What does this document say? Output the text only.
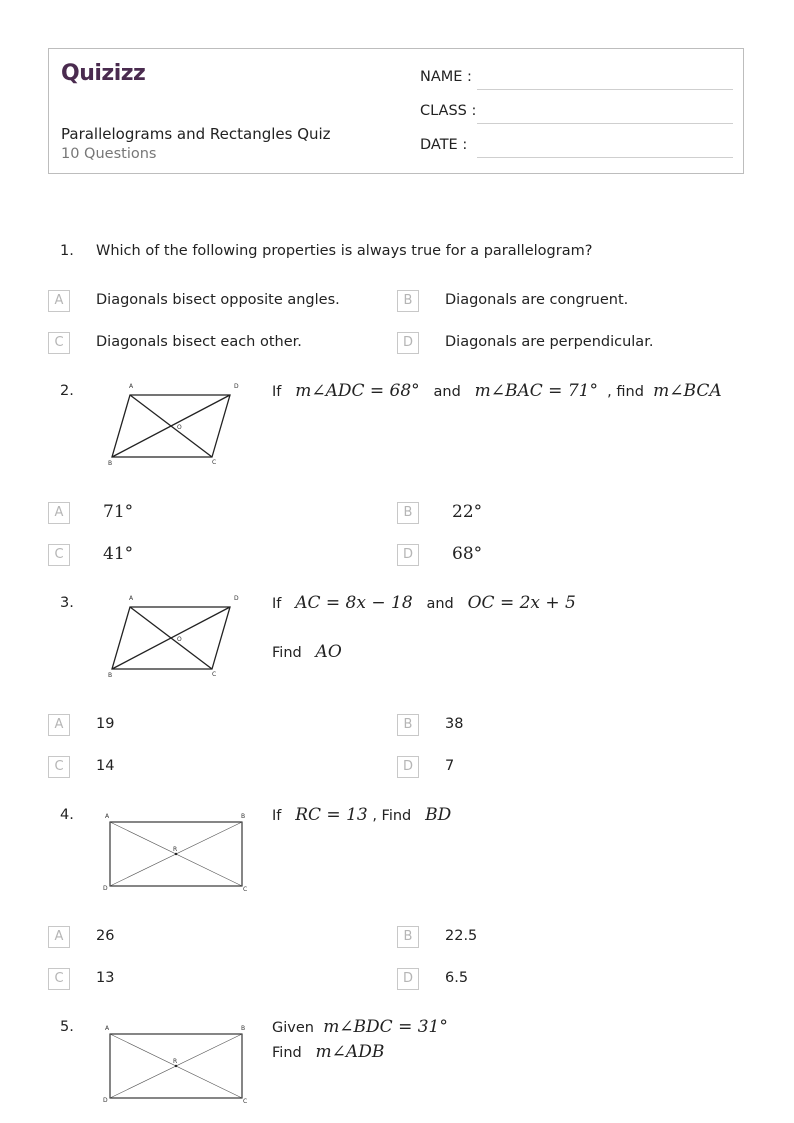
Quizizz
Parallelograms and Rectangles Quiz
10 Questions
NAME :
CLASS :
DATE :
1. Which of the following properties is always true for a parallelogram?
A	Diagonals bisect opposite angles.	B	Diagonals are congruent.
C	Diagonals bisect each other.	D	Diagonals are perpendicular.
2.	A	D
B	C
O
If m∠ADC = 68° and m∠BAC = 71° , find m∠BCA
A	71°	B	22°
C	41°	D	68°
3.	A	D
B	C
O
If AC = 8x − 18 and OC = 2x + 5
Find AO
A	19	B	38
C	14	D	7
4.	A	B
D	C
R
If RC = 13 , Find BD
A	26	B	22.5
C	13	D	6.5
5.	A	B
D	C
R
Given m∠BDC = 31°
Find m∠ADB
